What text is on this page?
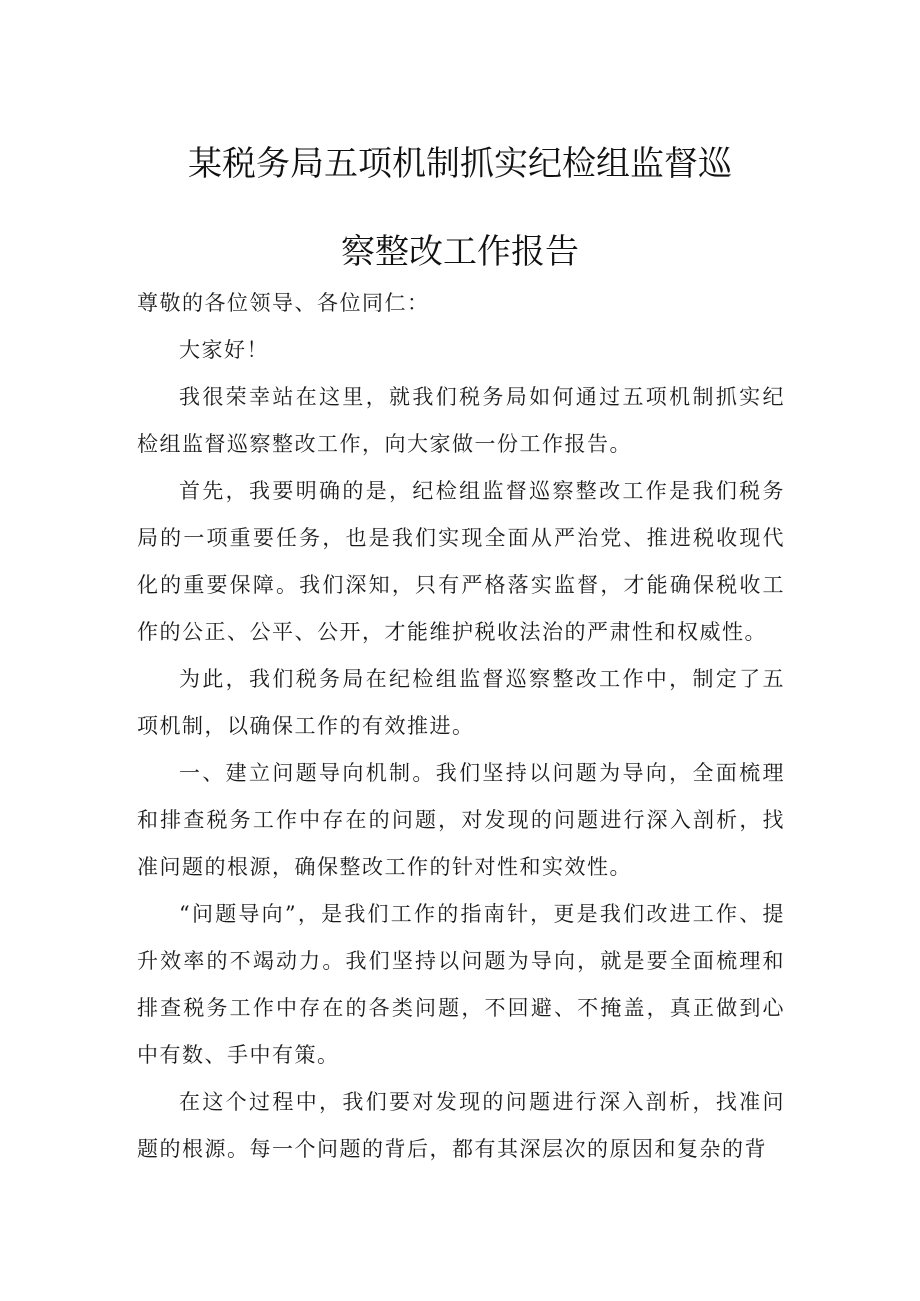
某税务局五项机制抓实纪检组监督巡
察整改工作报告
尊敬的各位领导、各位同仁：

大家好！

我很荣幸站在这里，就我们税务局如何通过五项机制抓实纪检组监督巡察整改工作，向大家做一份工作报告。

首先，我要明确的是，纪检组监督巡察整改工作是我们税务局的一项重要任务，也是我们实现全面从严治党、推进税收现代化的重要保障。我们深知，只有严格落实监督，才能确保税收工作的公正、公平、公开，才能维护税收法治的严肃性和权威性。

为此，我们税务局在纪检组监督巡察整改工作中，制定了五项机制，以确保工作的有效推进。

一、建立问题导向机制。我们坚持以问题为导向，全面梳理和排查税务工作中存在的问题，对发现的问题进行深入剖析，找准问题的根源，确保整改工作的针对性和实效性。

“问题导向”，是我们工作的指南针，更是我们改进工作、提升效率的不竭动力。我们坚持以问题为导向，就是要全面梳理和排查税务工作中存在的各类问题，不回避、不掩盖，真正做到心中有数、手中有策。

在这个过程中，我们要对发现的问题进行深入剖析，找准问题的根源。每一个问题的背后，都有其深层次的原因和复杂的背
